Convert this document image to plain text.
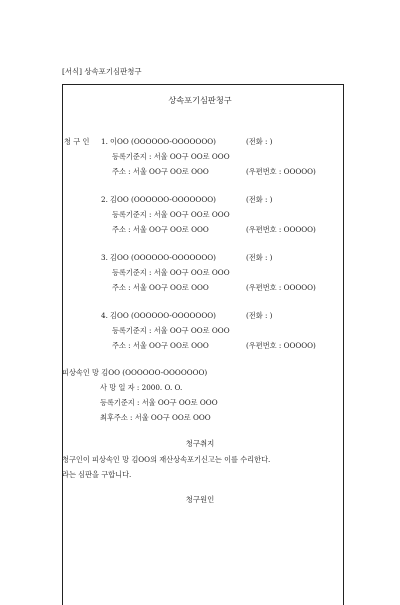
[서식] 상속포기심판청구
상속포기심판청구
청 구 인 1. 이OO (OOOOOO-OOOOOOO)	(전화 : )
등록기준지 : 서울 OO구 OO로 OOO
주소 : 서울 OO구 OO로 OOO	(우편번호 : OOOOO)
2. 김OO (OOOOOO-OOOOOOO)	(전화 : )
등록기준지 : 서울 OO구 OO로 OOO
주소 : 서울 OO구 OO로 OOO	(우편번호 : OOOOO)
3. 김OO (OOOOOO-OOOOOOO)	(전화 : )
등록기준지 : 서울 OO구 OO로 OOO
주소 : 서울 OO구 OO로 OOO	(우편번호 : OOOOO)
4. 김OO (OOOOOO-OOOOOOO)	(전화 : )
등록기준지 : 서울 OO구 OO로 OOO
주소 : 서울 OO구 OO로 OOO	(우편번호 : OOOOO)
피상속인 망 김OO (OOOOOO-OOOOOOO)
사 망 일 자 : 2000. O. O.
등록기준지 : 서울 OO구 OO로 OOO
최후주소 : 서울 OO구 OO로 OOO
청구취지
청구인이 피상속인 망 김OO의 재산상속포기신고는 이를 수리한다.
라는 심판을 구합니다.
청구원인
